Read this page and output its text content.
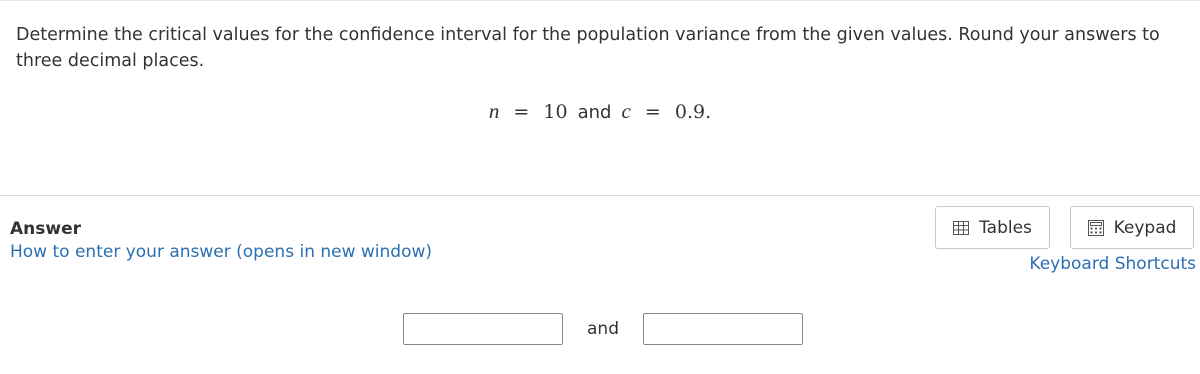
Determine the critical values for the confidence interval for the population variance from the given values. Round your answers to three decimal places.
n = 10 and c = 0.9.
Answer
How to enter your answer (opens in new window)
Tables	Keypad
Keyboard Shortcuts
and
